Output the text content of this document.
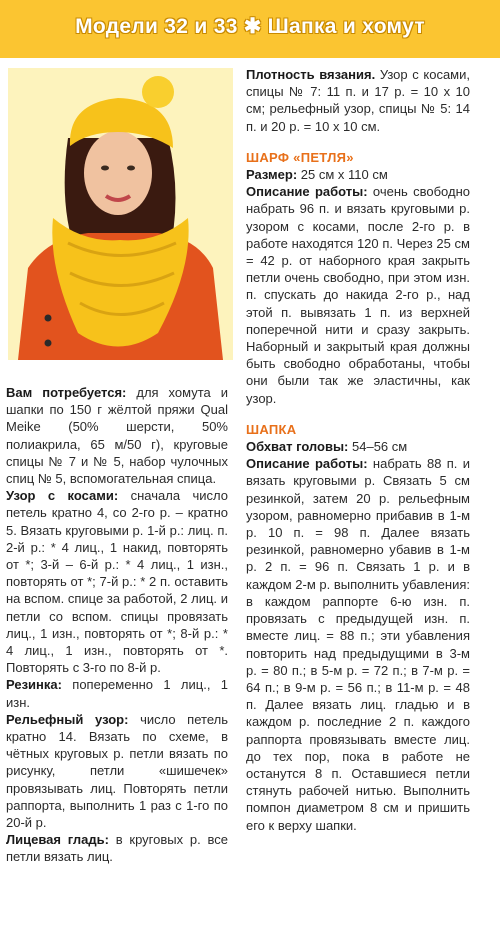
Модели 32 и 33 ✱ Шапка и хомут

Вам потребуется: для хомута и шапки по 150 г жёлтой пряжи Qual Meike (50% шерсти, 50% полиакрила, 65 м/50 г), круговые спицы № 7 и № 5, набор чулочных спиц № 5, вспомогательная спица.

Узор с косами: сначала число петель кратно 4, со 2-го р. – кратно 5. Вязать круговыми р. 1-й р.: лиц. п. 2-й р.: * 4 лиц., 1 накид, повторять от *; 3-й – 6-й р.: * 4 лиц., 1 изн., повторять от *; 7-й р.: * 2 п. оставить на вспом. спице за работой, 2 лиц. и петли со вспом. спицы провязать лиц., 1 изн., повторять от *; 8-й р.: * 4 лиц., 1 изн., повторять от *. Повторять с 3-го по 8-й р.

Резинка: попеременно 1 лиц., 1 изн.

Рельефный узор: число петель кратно 14. Вязать по схеме, в чётных круговых р. петли вязать по рисунку, петли «шишечек» провязывать лиц. Повторять петли раппорта, выполнить 1 раз с 1-го по 20-й р.

Лицевая гладь: в круговых р. все петли вязать лиц.

Плотность вязания. Узор с косами, спицы № 7: 11 п. и 17 р. = 10 х 10 см; рельефный узор, спицы № 5: 14 п. и 20 р. = 10 х 10 см.

ШАРФ «ПЕТЛЯ»

Размер: 25 см х 110 см

Описание работы: очень свободно набрать 96 п. и вязать круговыми р. узором с косами, после 2-го р. в работе находятся 120 п. Через 25 см = 42 р. от наборного края закрыть петли очень свободно, при этом изн. п. спускать до накида 2-го р., над этой п. вывязать 1 п. из верхней поперечной нити и сразу закрыть. Наборный и закрытый края должны быть свободно обработаны, чтобы они были так же эластичны, как узор.

ШАПКА

Обхват головы: 54–56 см

Описание работы: набрать 88 п. и вязать круговыми р. Связать 5 см резинкой, затем 20 р. рельефным узором, равномерно прибавив в 1-м р. 10 п. = 98 п. Далее вязать резинкой, равномерно убавив в 1-м р. 2 п. = 96 п. Связать 1 р. и в каждом 2-м р. выполнить убавления: в каждом раппорте 6-ю изн. п. провязать с предыдущей изн. п. вместе лиц. = 88 п.; эти убавления повторить над предыдущими в 3-м р. = 80 п.; в 5-м р. = 72 п.; в 7-м р. = 64 п.; в 9-м р. = 56 п.; в 11-м р. = 48 п. Далее вязать лиц. гладью и в каждом р. последние 2 п. каждого раппорта провязывать вместе лиц. до тех пор, пока в работе не останутся 8 п. Оставшиеся петли стянуть рабочей нитью. Выполнить помпон диаметром 8 см и пришить его к верху шапки.
